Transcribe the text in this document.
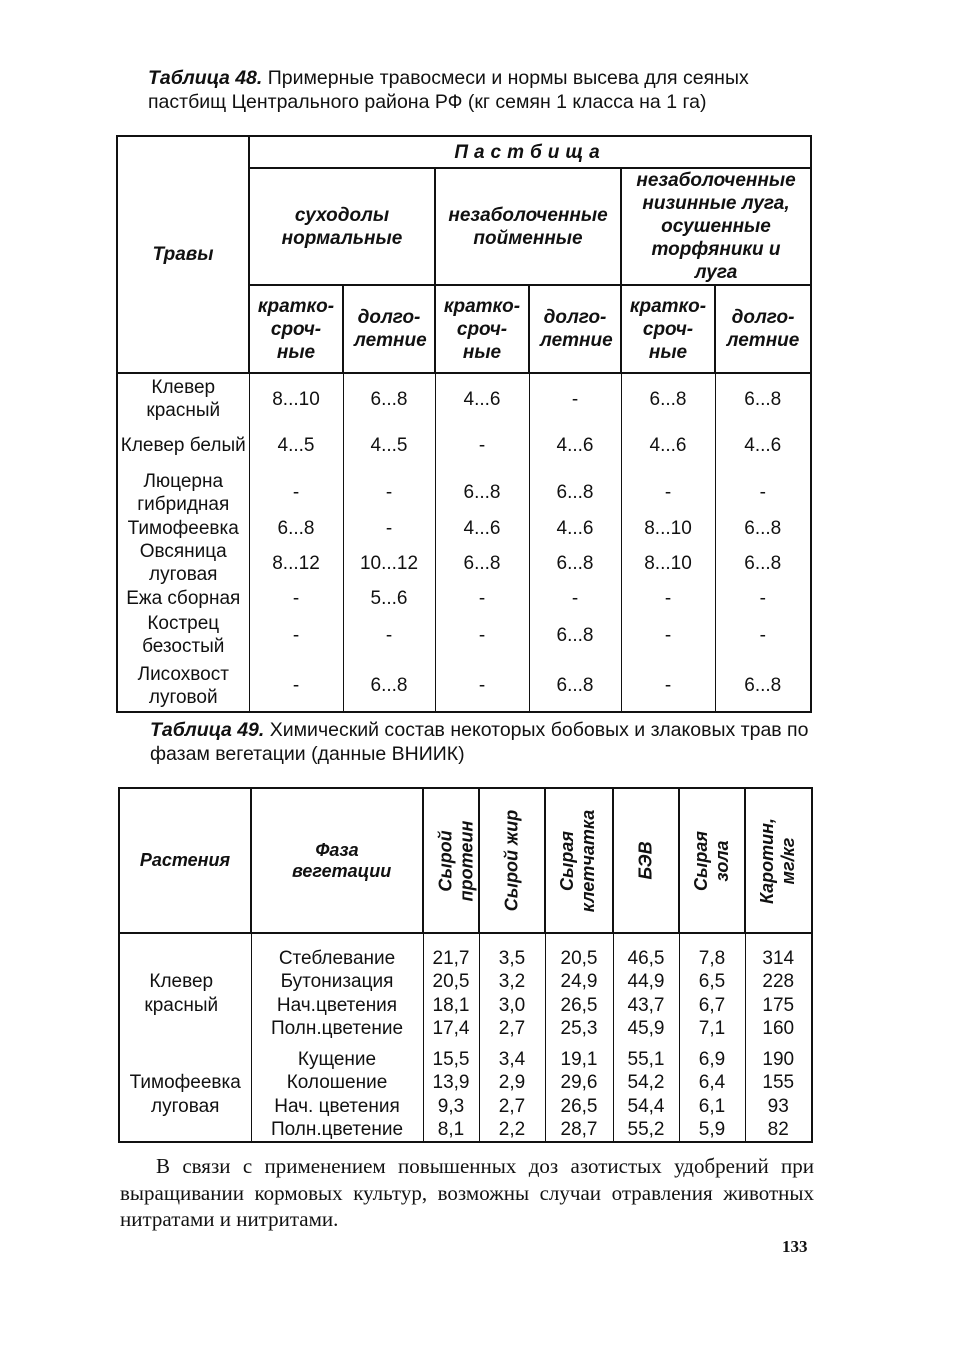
Таблица 48. Примерные травосмеси и нормы высева для сеяных пастбищ Центрального района РФ (кг семян 1 класса на 1 га)

Травы	Пастбища					
	суходолы нормальные		незаболоченные пойменные		незаболоченные низинные луга, осушенные торфяники и луга	
	кратко-сроч-ные	долго-летние	кратко-сроч-ные	долго-летние	кратко-сроч-ные	долго-летние
Клевер красный	8...10	6...8	4...6	-	6...8	6...8
Клевер белый	4...5	4...5	-	4...6	4...6	4...6
Люцерна гибридная	-	-	6...8	6...8	-	-
Тимофеевка	6...8	-	4...6	4...6	8...10	6...8
Овсяница луговая	8...12	10...12	6...8	6...8	8...10	6...8
Ежа сборная	-	5...6	-	-	-	-
Кострец безостый	-	-	-	6...8	-	-
Лисохвост луговой	-	6...8	-	6...8	-	6...8

Таблица 49. Химический состав некоторых бобовых и злаковых трав по фазам вегетации (данные ВНИИК)

Растения	Фаза вегетации	Сырой протеин	Сырой жир	Сырая клетчатка	БЭВ	Сырая зола	Каротин, мг/кг

Клевер красный	Стеблевание	21,7	3,5	20,5	46,5	7,8	314
	Бутонизация	20,5	3,2	24,9	44,9	6,5	228
	Нач.цветения	18,1	3,0	26,5	43,7	6,7	175
	Полн.цветение	17,4	2,7	25,3	45,9	7,1	160

Тимофеевка луговая	Кущение	15,5	3,4	19,1	55,1	6,9	190
	Колошение	13,9	2,9	29,6	54,2	6,4	155
	Нач. цветения	9,3	2,7	26,5	54,4	6,1	93
	Полн.цветение	8,1	2,2	28,7	55,2	5,9	82

В связи с применением повышенных доз азотистых удобрений при выращивании кормовых культур, возможны случаи отравления животных нитратами и нитритами.

133
